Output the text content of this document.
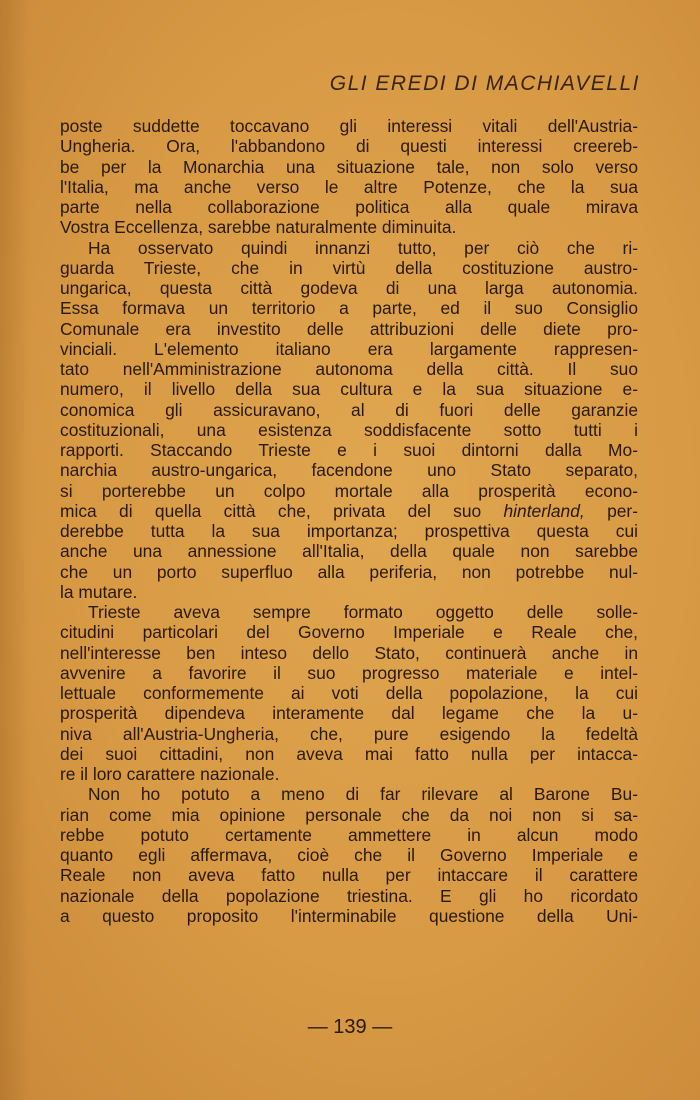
GLI EREDI DI MACHIAVELLI
poste suddette toccavano gli interessi vitali dell'Austria-
Ungheria. Ora, l'abbandono di questi interessi creereb-
be per la Monarchia una situazione tale, non solo verso
l'Italia, ma anche verso le altre Potenze, che la sua
parte nella collaborazione politica alla quale mirava
Vostra Eccellenza, sarebbe naturalmente diminuita.
Ha osservato quindi innanzi tutto, per ciò che ri-
guarda Trieste, che in virtù della costituzione austro-
ungarica, questa città godeva di una larga autonomia.
Essa formava un territorio a parte, ed il suo Consiglio
Comunale era investito delle attribuzioni delle diete pro-
vinciali. L'elemento italiano era largamente rappresen-
tato nell'Amministrazione autonoma della città. Il suo
numero, il livello della sua cultura e la sua situazione e-
conomica gli assicuravano, al di fuori delle garanzie
costituzionali, una esistenza soddisfacente sotto tutti i
rapporti. Staccando Trieste e i suoi dintorni dalla Mo-
narchia austro-ungarica, facendone uno Stato separato,
si porterebbe un colpo mortale alla prosperità econo-
mica di quella città che, privata del suo hinterland, per-
derebbe tutta la sua importanza; prospettiva questa cui
anche una annessione all'Italia, della quale non sarebbe
che un porto superfluo alla periferia, non potrebbe nul-
la mutare.
Trieste aveva sempre formato oggetto delle solle-
citudini particolari del Governo Imperiale e Reale che,
nell'interesse ben inteso dello Stato, continuerà anche in
avvenire a favorire il suo progresso materiale e intel-
lettuale conformemente ai voti della popolazione, la cui
prosperità dipendeva interamente dal legame che la u-
niva all'Austria-Ungheria, che, pure esigendo la fedeltà
dei suoi cittadini, non aveva mai fatto nulla per intacca-
re il loro carattere nazionale.
Non ho potuto a meno di far rilevare al Barone Bu-
rian come mia opinione personale che da noi non si sa-
rebbe potuto certamente ammettere in alcun modo
quanto egli affermava, cioè che il Governo Imperiale e
Reale non aveva fatto nulla per intaccare il carattere
nazionale della popolazione triestina. E gli ho ricordato
a questo proposito l'interminabile questione della Uni-
— 139 —
